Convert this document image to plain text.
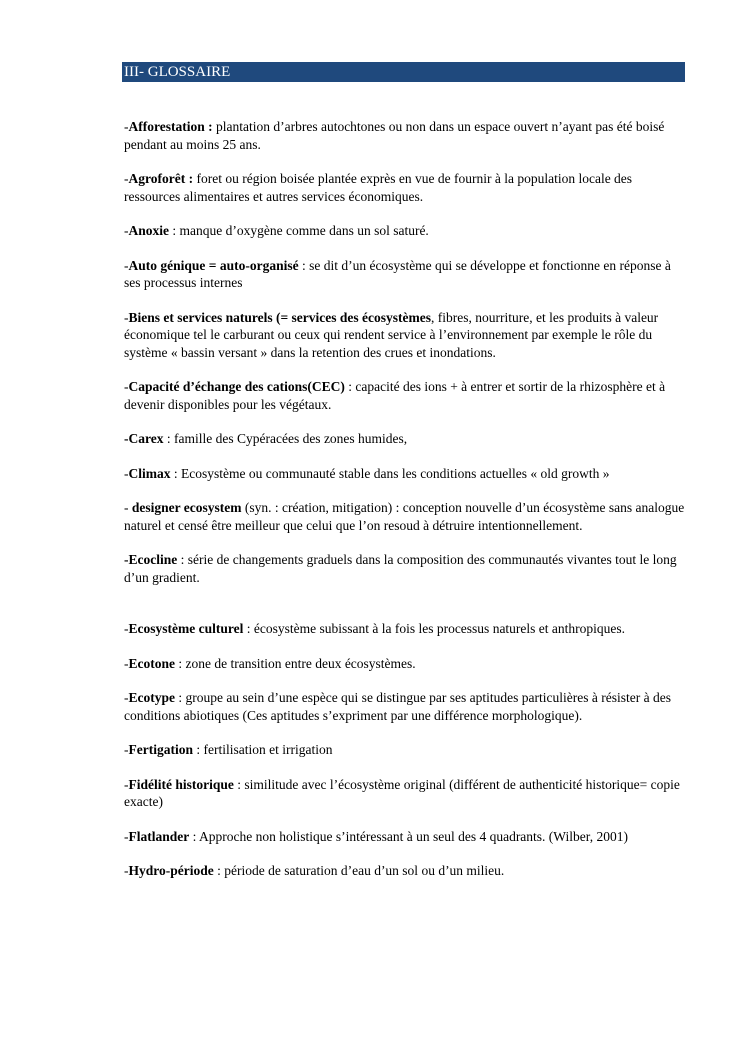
III- GLOSSAIRE

-Afforestation : plantation d’arbres autochtones ou non dans un espace ouvert n’ayant pas été boisé pendant au moins 25 ans.

-Agroforêt : foret ou région boisée plantée exprès en vue de fournir à la population locale des ressources alimentaires et autres services économiques.

-Anoxie : manque d’oxygène comme dans un sol saturé.

-Auto génique = auto-organisé : se dit d’un écosystème qui se développe et fonctionne en réponse à ses processus internes

-Biens et services naturels (= services des écosystèmes, fibres, nourriture, et les produits à valeur économique tel le carburant ou ceux qui rendent service à l’environnement par exemple le rôle du système « bassin versant » dans la retention des crues et inondations.

-Capacité d’échange des cations(CEC) : capacité des ions + à entrer et sortir de la rhizosphère et à devenir disponibles pour les végétaux.

-Carex : famille des Cypéracées des zones humides,

-Climax : Ecosystème ou communauté stable dans les conditions actuelles « old growth »

- designer ecosystem (syn. : création, mitigation) : conception nouvelle d’un écosystème sans analogue naturel et censé être meilleur que celui que l’on resoud à détruire intentionnellement.

-Ecocline : série de changements graduels dans la composition des communautés vivantes tout le long d’un gradient.

-Ecosystème culturel : écosystème subissant à la fois les processus naturels et anthropiques.

-Ecotone : zone de transition entre deux écosystèmes.

-Ecotype : groupe au sein d’une espèce qui se distingue par ses aptitudes particulières à résister à des conditions abiotiques (Ces aptitudes s’expriment par une différence morphologique).

-Fertigation : fertilisation et irrigation

-Fidélité historique : similitude avec l’écosystème original (différent de authenticité historique= copie exacte)

-Flatlander : Approche non holistique s’intéressant à un seul des 4 quadrants. (Wilber, 2001)

-Hydro-période : période de saturation d’eau d’un sol ou d’un milieu.
